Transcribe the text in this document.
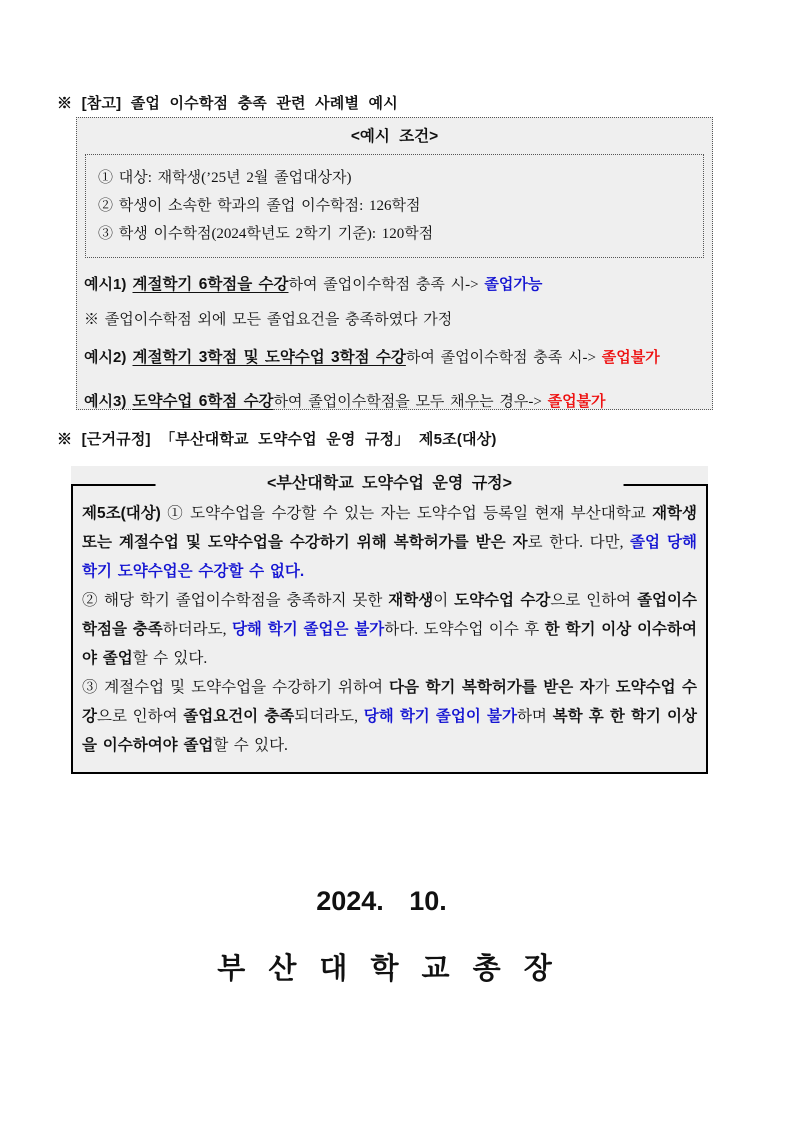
※ [참고] 졸업 이수학점 충족 관련 사례별 예시
<예시 조건>
① 대상: 재학생(’25년 2월 졸업대상자)
② 학생이 소속한 학과의 졸업 이수학점: 126학점
③ 학생 이수학점(2024학년도 2학기 기준): 120학점
예시1) 계절학기 6학점을 수강하여 졸업이수학점 충족 시-> 졸업가능
※ 졸업이수학점 외에 모든 졸업요건을 충족하였다 가정
예시2) 계절학기 3학점 및 도약수업 3학점 수강하여 졸업이수학점 충족 시-> 졸업불가
예시3) 도약수업 6학점 수강하여 졸업이수학점을 모두 채우는 경우-> 졸업불가
※ [근거규정] 「부산대학교 도약수업 운영 규정」 제5조(대상)
<부산대학교 도약수업 운영 규정>

제5조(대상) ① 도약수업을 수강할 수 있는 자는 도약수업 등록일 현재 부산대학교 재학생 또는 계절수업 및 도약수업을 수강하기 위해 복학허가를 받은 자로 한다. 다만, 졸업 당해 학기 도약수업은 수강할 수 없다.

② 해당 학기 졸업이수학점을 충족하지 못한 재학생이 도약수업 수강으로 인하여 졸업이수학점을 충족하더라도, 당해 학기 졸업은 불가하다. 도약수업 이수 후 한 학기 이상 이수하여야 졸업할 수 있다.

③ 계절수업 및 도약수업을 수강하기 위하여 다음 학기 복학허가를 받은 자가 도약수업 수강으로 인하여 졸업요건이 충족되더라도, 당해 학기 졸업이 불가하며 복학 후 한 학기 이상을 이수하여야 졸업할 수 있다.

2024. 10.
부 산 대 학 교 총 장
